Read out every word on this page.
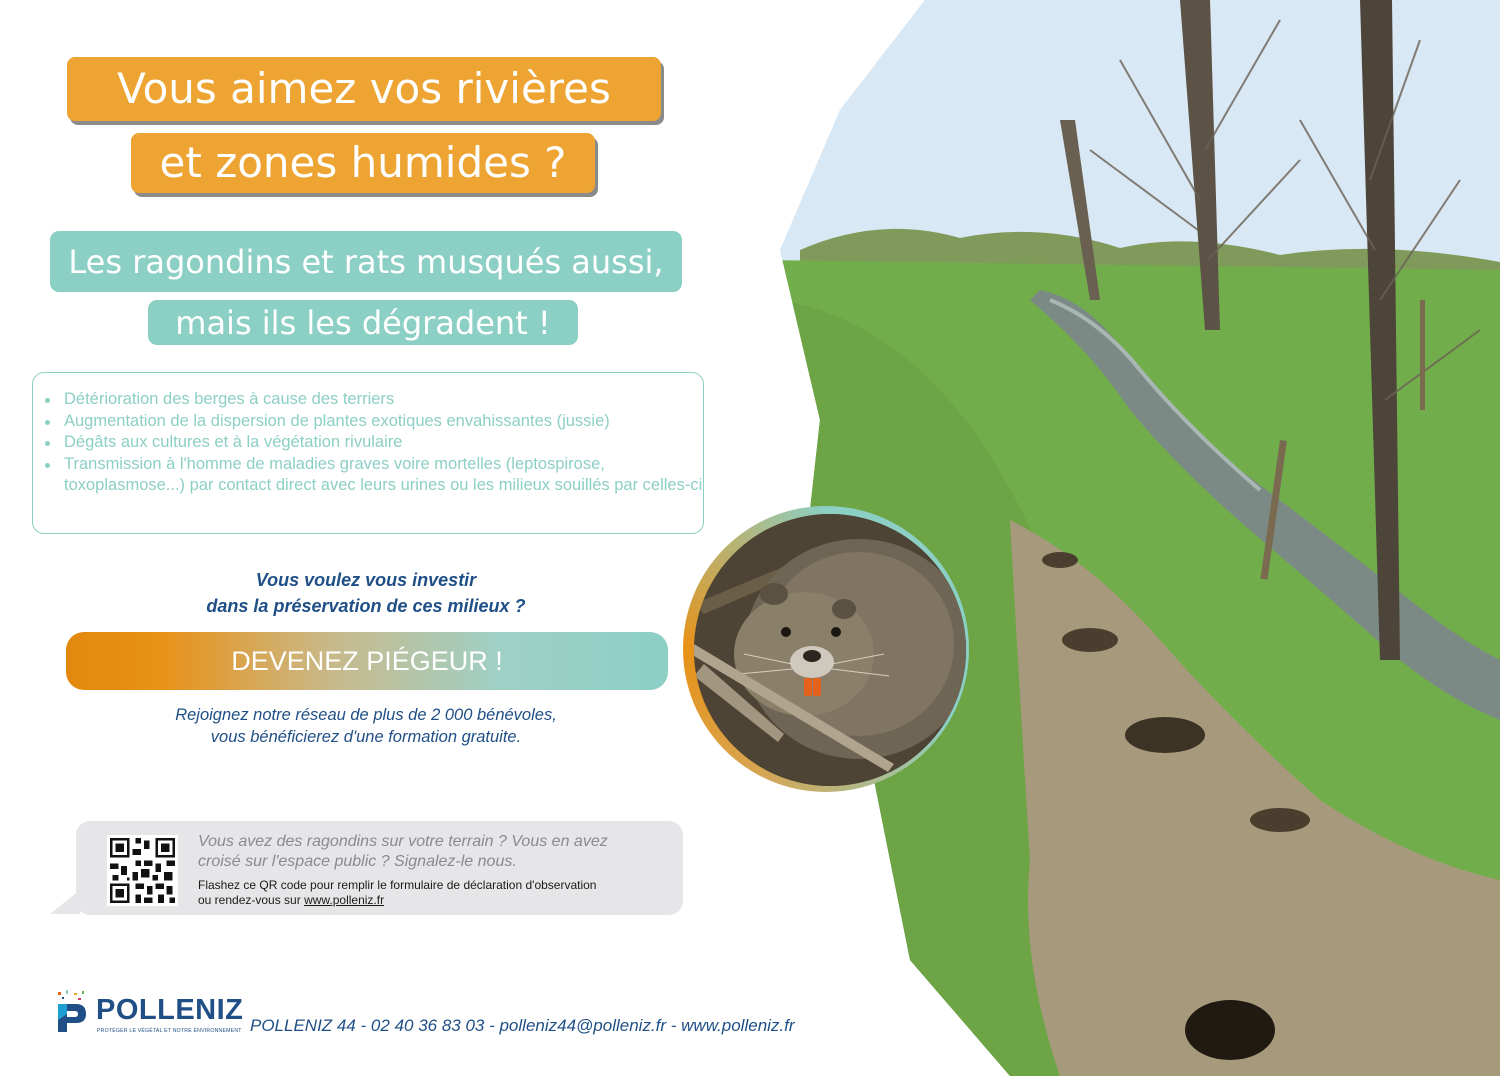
Vous aimez vos rivières
et zones humides ?
Les ragondins et rats musqués aussi,
mais ils les dégradent !
Détérioration des berges à cause des terriers
Augmentation de la dispersion de plantes exotiques envahissantes (jussie)
Dégâts aux cultures et à la végétation rivulaire
Transmission à l'homme de maladies graves voire mortelles (leptospirose, toxoplasmose...) par contact direct avec leurs urines ou les milieux souillés par celles-ci
Vous voulez vous investir
dans la préservation de ces milieux ?
DEVENEZ PIÉGEUR !
Rejoignez notre réseau de plus de 2 000 bénévoles,
vous bénéficierez d'une formation gratuite.
Vous avez des ragondins sur votre terrain ? Vous en avez
croisé sur l'espace public ? Signalez-le nous.
Flashez ce QR code pour remplir le formulaire de déclaration d'observation
ou rendez-vous sur www.polleniz.fr
POLLENIZ
PROTÉGER LE VÉGÉTAL ET NOTRE ENVIRONNEMENT POLLENIZ 44 - 02 40 36 83 03 - polleniz44@polleniz.fr - www.polleniz.fr
